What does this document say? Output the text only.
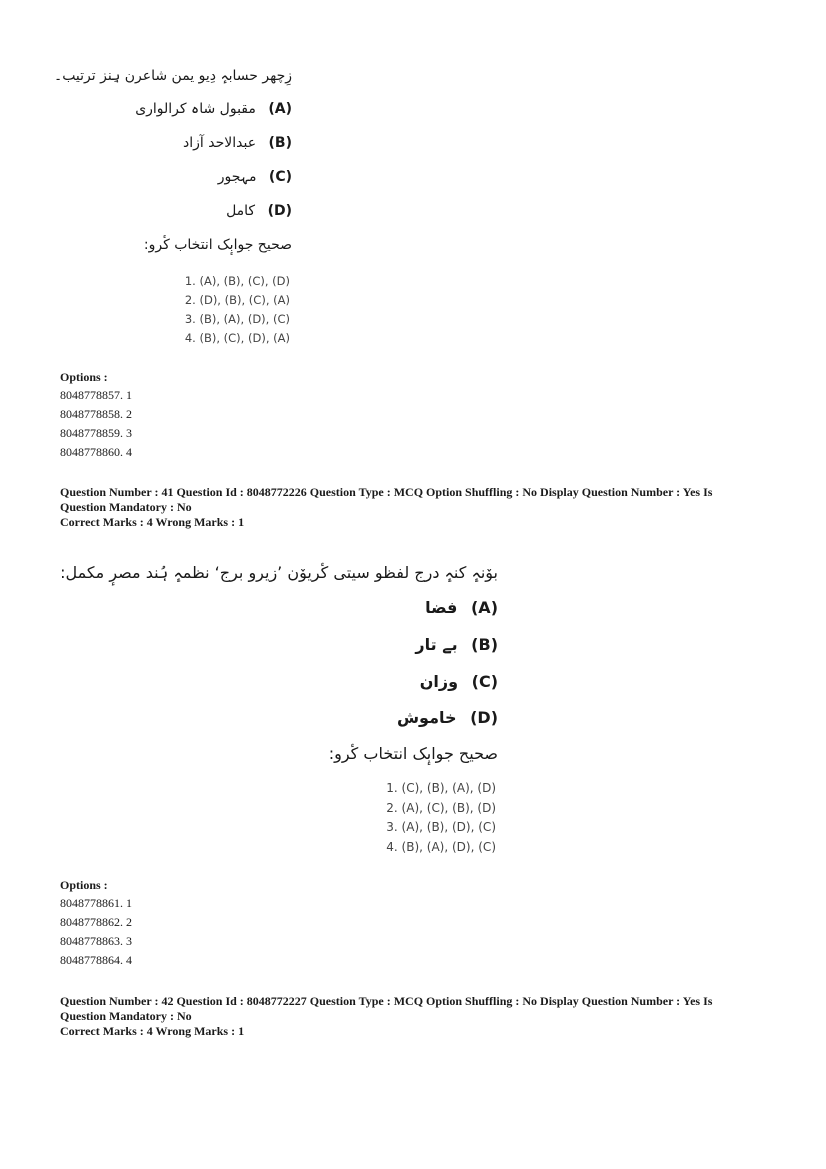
زِچھر حسابہٕ دِیو یمن شاعرن ہِنز ترتیب۔
(A) مقبول شاہ کرالواری
(B) عبدالاحد آزاد
(C) مہجور
(D) کامل
صحیح جوابٕک انتخاب کٔرو:
(D) ,(C) ,(B) ,(A) .1
(A) ,(C) ,(B) ,(D) .2
(C) ,(D) ,(A) ,(B) .3
(A) ,(D) ,(C) ,(B) .4
Options :
8048778857. 1
8048778858. 2
8048778859. 3
8048778860. 4
Question Number : 41 Question Id : 8048772226 Question Type : MCQ Option Shuffling : No Display Question Number : Yes Is
Question Mandatory : No
Correct Marks : 4 Wrong Marks : 1
بوٚنہٕ کنہٕ درج لفظو سیتی کٔریوٚن ’زیرو برج‘ نظمہٕ ہُند مصرٕ مکمل:
(A) فضا
(B) بے تار
(C) وزان
(D) خاموش
صحیح جوابٕک انتخاب کٔرو:
(D) ,(A) ,(B) ,(C) .1
(D) ,(B) ,(C) ,(A) .2
(C) ,(D) ,(B) ,(A) .3
(C) ,(D) ,(A) ,(B) .4
Options :
8048778861. 1
8048778862. 2
8048778863. 3
8048778864. 4
Question Number : 42 Question Id : 8048772227 Question Type : MCQ Option Shuffling : No Display Question Number : Yes Is
Question Mandatory : No
Correct Marks : 4 Wrong Marks : 1
